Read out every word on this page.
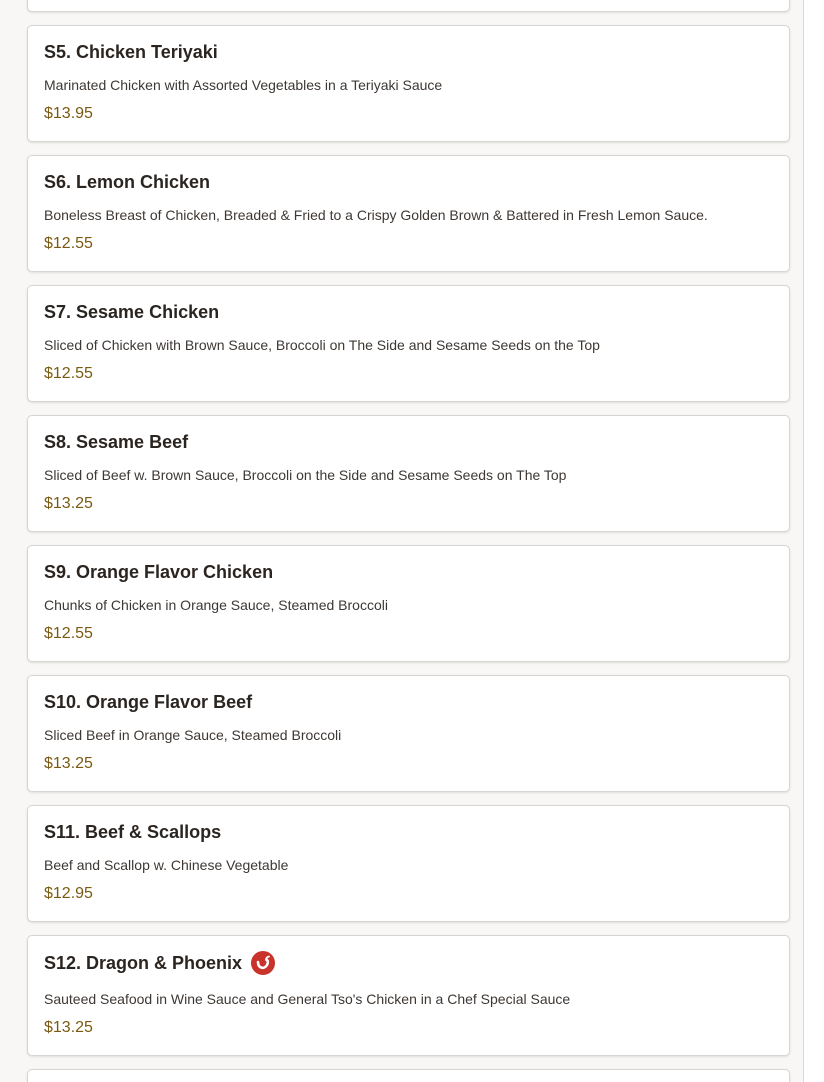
S5. Chicken Teriyaki
Marinated Chicken with Assorted Vegetables in a Teriyaki Sauce
$13.95
S6. Lemon Chicken
Boneless Breast of Chicken, Breaded & Fried to a Crispy Golden Brown & Battered in Fresh Lemon Sauce.
$12.55
S7. Sesame Chicken
Sliced of Chicken with Brown Sauce, Broccoli on The Side and Sesame Seeds on the Top
$12.55
S8. Sesame Beef
Sliced of Beef w. Brown Sauce, Broccoli on the Side and Sesame Seeds on The Top
$13.25
S9. Orange Flavor Chicken
Chunks of Chicken in Orange Sauce, Steamed Broccoli
$12.55
S10. Orange Flavor Beef
Sliced Beef in Orange Sauce, Steamed Broccoli
$13.25
S11. Beef & Scallops
Beef and Scallop w. Chinese Vegetable
$12.95
S12. Dragon & Phoenix
Sauteed Seafood in Wine Sauce and General Tso's Chicken in a Chef Special Sauce
$13.25
